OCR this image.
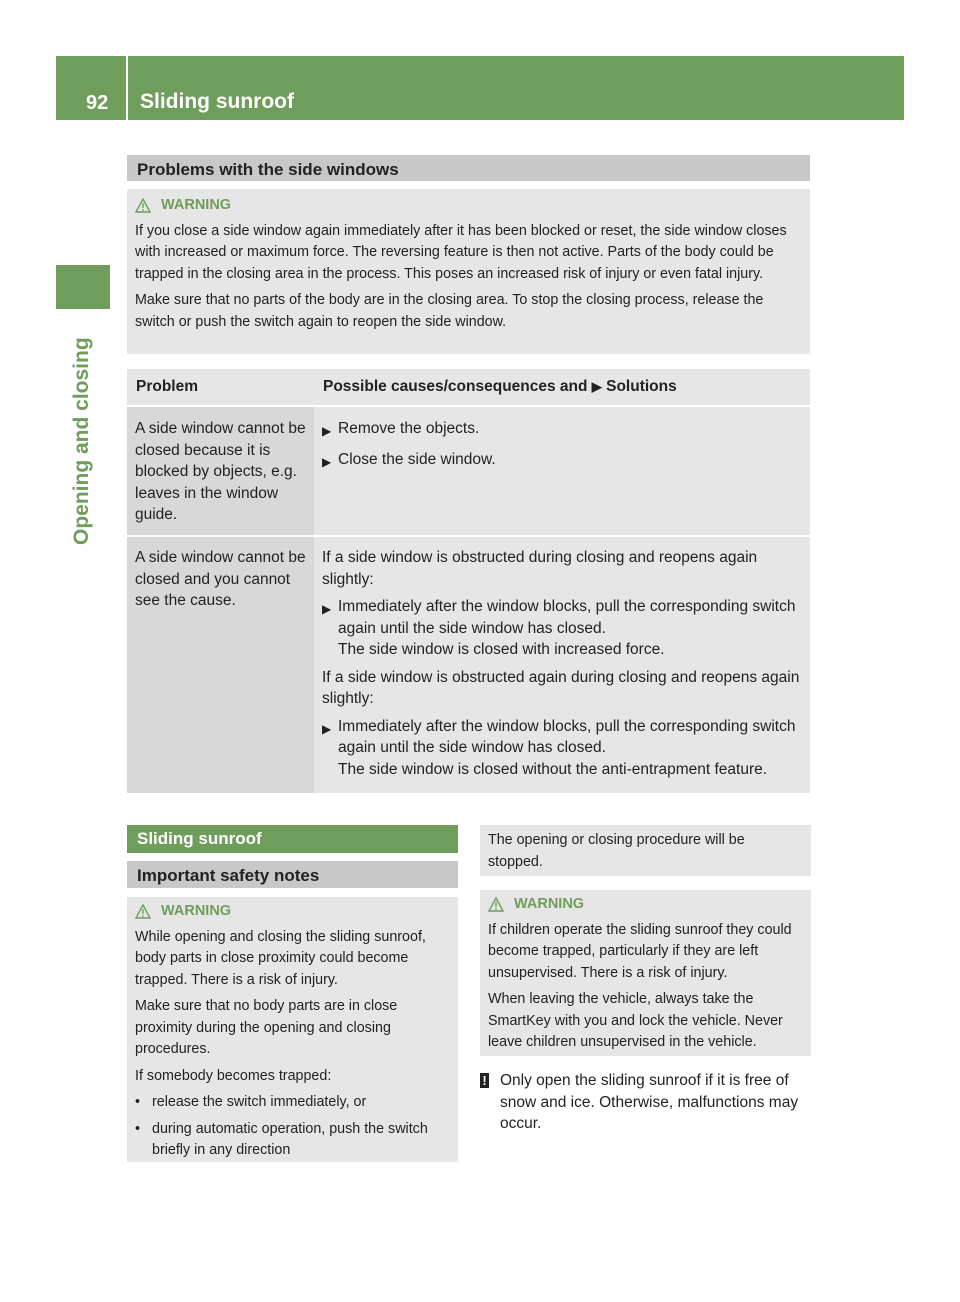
92	Sliding sunroof
Opening and closing
Problems with the side windows
WARNING

If you close a side window again immediately after it has been blocked or reset, the side window closes with increased or maximum force. The reversing feature is then not active. Parts of the body could be trapped in the closing area in the process. This poses an increased risk of injury or even fatal injury.

Make sure that no parts of the body are in the closing area. To stop the closing process, release the switch or push the switch again to reopen the side window.

Problem	Possible causes/consequences and ▶ Solutions
A side window cannot be closed because it is blocked by objects, e.g. leaves in the window guide.
▶ Remove the objects.
▶ Close the side window.
A side window cannot be closed and you cannot see the cause.

If a side window is obstructed during closing and reopens again slightly:

▶ Immediately after the window blocks, pull the corresponding switch again until the side window has closed.
The side window is closed with increased force.

If a side window is obstructed again during closing and reopens again slightly:

▶ Immediately after the window blocks, pull the corresponding switch again until the side window has closed.
The side window is closed without the anti-entrapment feature.
Sliding sunroof
Important safety notes
WARNING

While opening and closing the sliding sunroof, body parts in close proximity could become trapped. There is a risk of injury.

Make sure that no body parts are in close proximity during the opening and closing procedures.

If somebody becomes trapped:

• release the switch immediately, or
• during automatic operation, push the switch briefly in any direction

The opening or closing procedure will be stopped.

WARNING

If children operate the sliding sunroof they could become trapped, particularly if they are left unsupervised. There is a risk of injury.

When leaving the vehicle, always take the SmartKey with you and lock the vehicle. Never leave children unsupervised in the vehicle.

! Only open the sliding sunroof if it is free of snow and ice. Otherwise, malfunctions may occur.
